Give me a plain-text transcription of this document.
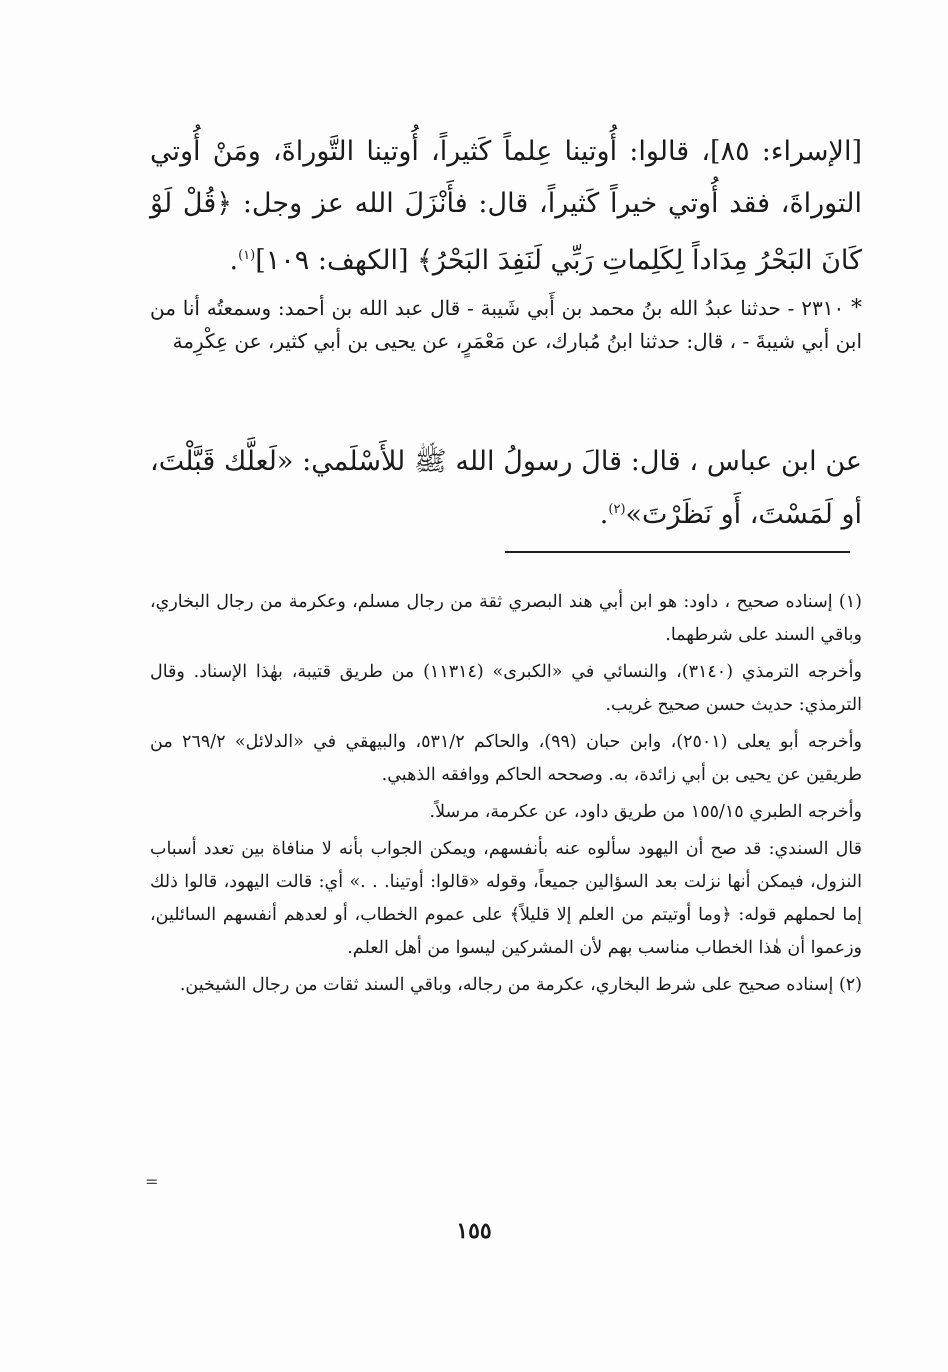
[الإسراء: ٨٥]، قالوا: أُوتينا عِلماً كَثيراً، أُوتينا التَّوراةَ، ومَنْ أُوتي التوراةَ، فقد أُوتي خيراً كَثيراً، قال: فأَنْزَلَ الله عز وجل: ﴿قُلْ لَوْ كَانَ البَحْرُ مِدَاداً لِكَلِماتِ رَبِّي لَنَفِدَ البَحْرُ﴾ [الكهف: ١٠٩]$^{(١)}$.
* ٢٣١٠ - حدثنا عبدُ الله بنُ محمد بن أَبي شَيبة - قال عبد الله بن أحمد: وسمعتُه أنا من ابن أبي شيبةَ - ، قال: حدثنا ابنُ مُبارك، عن مَعْمَرٍ، عن يحيى بن أبي كثير، عن عِكْرِمة
عن ابن عباس ، قال: قالَ رسولُ الله ﷺ للأَسْلَمي: «لَعلَّك قَبَّلْتَ، أو لَمَسْتَ، أَو نَظَرْتَ»$^{(٢)}$.

(١) إسناده صحيح ، داود: هو ابن أبي هند البصري ثقة من رجال مسلم، وعكرمة من رجال البخاري، وباقي السند على شرطهما.

وأخرجه الترمذي (٣١٤٠)، والنسائي في «الكبرى» (١١٣١٤) من طريق قتيبة، بهٰذا الإسناد. وقال الترمذي: حديث حسن صحيح غريب.

وأخرجه أبو يعلى (٢٥٠١)، وابن حبان (٩٩)، والحاكم ٥٣١/٢، والبيهقي في «الدلائل» ٢٦٩/٢ من طريقين عن يحيى بن أبي زائدة، به. وصححه الحاكم ووافقه الذهبي.

وأخرجه الطبري ١٥٥/١٥ من طريق داود، عن عكرمة، مرسلاً.

قال السندي: قد صح أن اليهود سألوه عنه بأنفسهم، ويمكن الجواب بأنه لا منافاة بين تعدد أسباب النزول، فيمكن أنها نزلت بعد السؤالين جميعاً، وقوله «قالوا: أوتينا. . .» أي: قالت اليهود، قالوا ذلك إما لحملهم قوله: ﴿وما أوتيتم من العلم إلا قليلاً﴾ على عموم الخطاب، أو لعدهم أنفسهم السائلين، وزعموا أن هٰذا الخطاب مناسب بهم لأن المشركين ليسوا من أهل العلم.

(٢) إسناده صحيح على شرط البخاري، عكرمة من رجاله، وباقي السند ثقات من رجال الشيخين.

=
١٥٥
